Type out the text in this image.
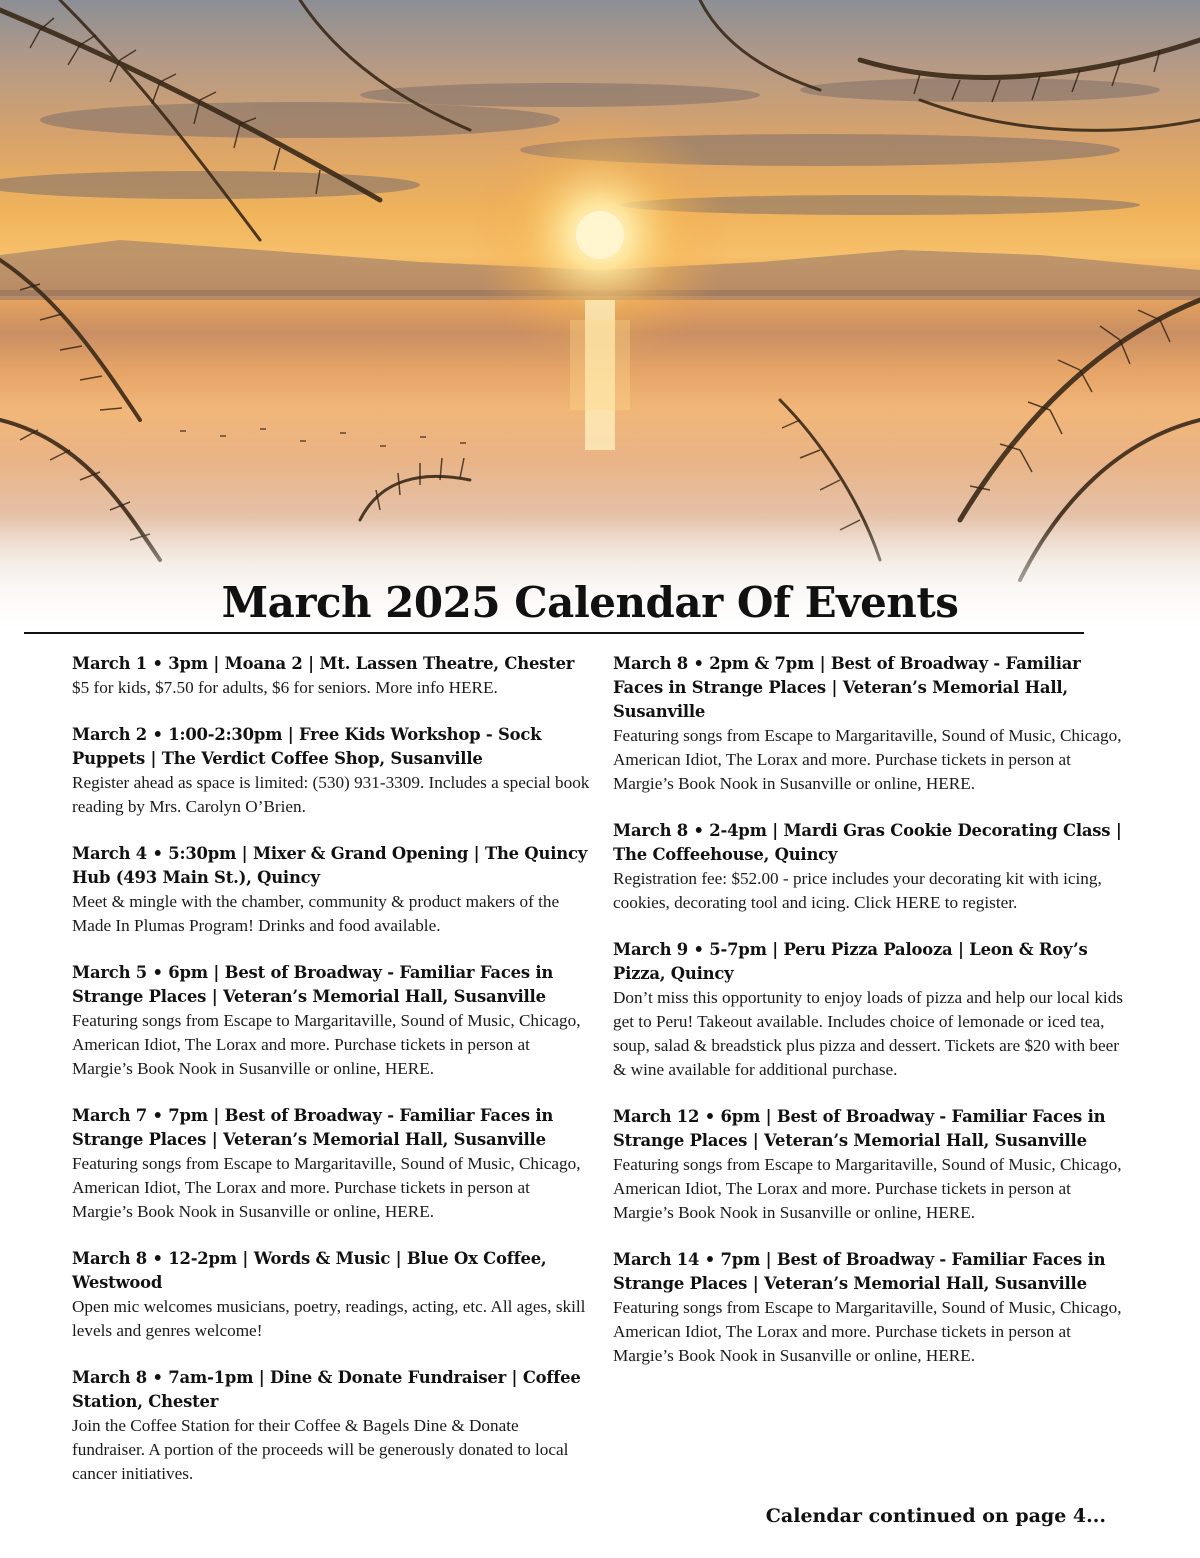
March 2025 Calendar Of Events

March 1 • 3pm | Moana 2 | Mt. Lassen Theatre, Chester

$5 for kids, $7.50 for adults, $6 for seniors. More info HERE.

March 2 • 1:00-2:30pm | Free Kids Workshop - Sock Puppets | The Verdict Coffee Shop, Susanville

Register ahead as space is limited: (530) 931-3309. Includes a special book reading by Mrs. Carolyn O’Brien.

March 4 • 5:30pm | Mixer & Grand Opening | The Quincy Hub (493 Main St.), Quincy

Meet & mingle with the chamber, community & product makers of the Made In Plumas Program! Drinks and food available.

March 5 • 6pm | Best of Broadway - Familiar Faces in Strange Places | Veteran’s Memorial Hall, Susanville

Featuring songs from Escape to Margaritaville, Sound of Music, Chicago, American Idiot, The Lorax and more. Purchase tickets in person at Margie’s Book Nook in Susanville or online, HERE.

March 7 • 7pm | Best of Broadway - Familiar Faces in Strange Places | Veteran’s Memorial Hall, Susanville

Featuring songs from Escape to Margaritaville, Sound of Music, Chicago, American Idiot, The Lorax and more. Purchase tickets in person at Margie’s Book Nook in Susanville or online, HERE.

March 8 • 12-2pm | Words & Music | Blue Ox Coffee, Westwood

Open mic welcomes musicians, poetry, readings, acting, etc. All ages, skill levels and genres welcome!

March 8 • 7am-1pm | Dine & Donate Fundraiser | Coffee Station, Chester

Join the Coffee Station for their Coffee & Bagels Dine & Donate fundraiser. A portion of the proceeds will be generously donated to local cancer initiatives.

March 8 • 2pm & 7pm | Best of Broadway - Familiar Faces in Strange Places | Veteran’s Memorial Hall, Susanville

Featuring songs from Escape to Margaritaville, Sound of Music, Chicago, American Idiot, The Lorax and more. Purchase tickets in person at Margie’s Book Nook in Susanville or online, HERE.

March 8 • 2-4pm | Mardi Gras Cookie Decorating Class | The Coffeehouse, Quincy

Registration fee: $52.00 - price includes your decorating kit with icing, cookies, decorating tool and icing. Click HERE to register.

March 9 • 5-7pm | Peru Pizza Palooza | Leon & Roy’s Pizza, Quincy

Don’t miss this opportunity to enjoy loads of pizza and help our local kids get to Peru! Takeout available. Includes choice of lemonade or iced tea, soup, salad & breadstick plus pizza and dessert. Tickets are $20 with beer & wine available for additional purchase.

March 12 • 6pm | Best of Broadway - Familiar Faces in Strange Places | Veteran’s Memorial Hall, Susanville

Featuring songs from Escape to Margaritaville, Sound of Music, Chicago, American Idiot, The Lorax and more. Purchase tickets in person at Margie’s Book Nook in Susanville or online, HERE.

March 14 • 7pm | Best of Broadway - Familiar Faces in Strange Places | Veteran’s Memorial Hall, Susanville

Featuring songs from Escape to Margaritaville, Sound of Music, Chicago, American Idiot, The Lorax and more. Purchase tickets in person at Margie’s Book Nook in Susanville or online, HERE.

Calendar continued on page 4...
